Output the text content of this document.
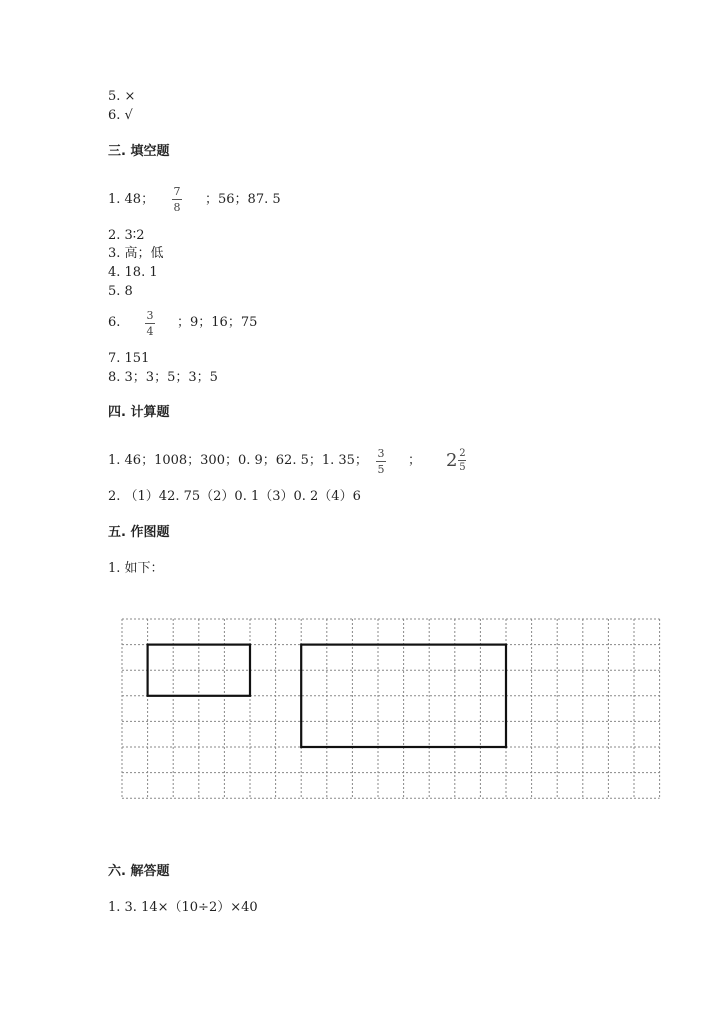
5. ×
6. √
三. 填空题
1. 48；
7
8
；56；87. 5
2. 3∶2
3. 高；低
4. 18. 1
5. 8
6. 3
4
；9；16；75
7. 151
8. 3；3；5；3；5
四. 计算题
1. 46；1008；300；0. 9；62. 5；1. 35； 3
5
； 2 2
5
2. （1）42. 75（2）0. 1（3）0. 2（4）6
五. 作图题
1. 如下：
六. 解答题
1. 3. 14×（10÷2）×40
